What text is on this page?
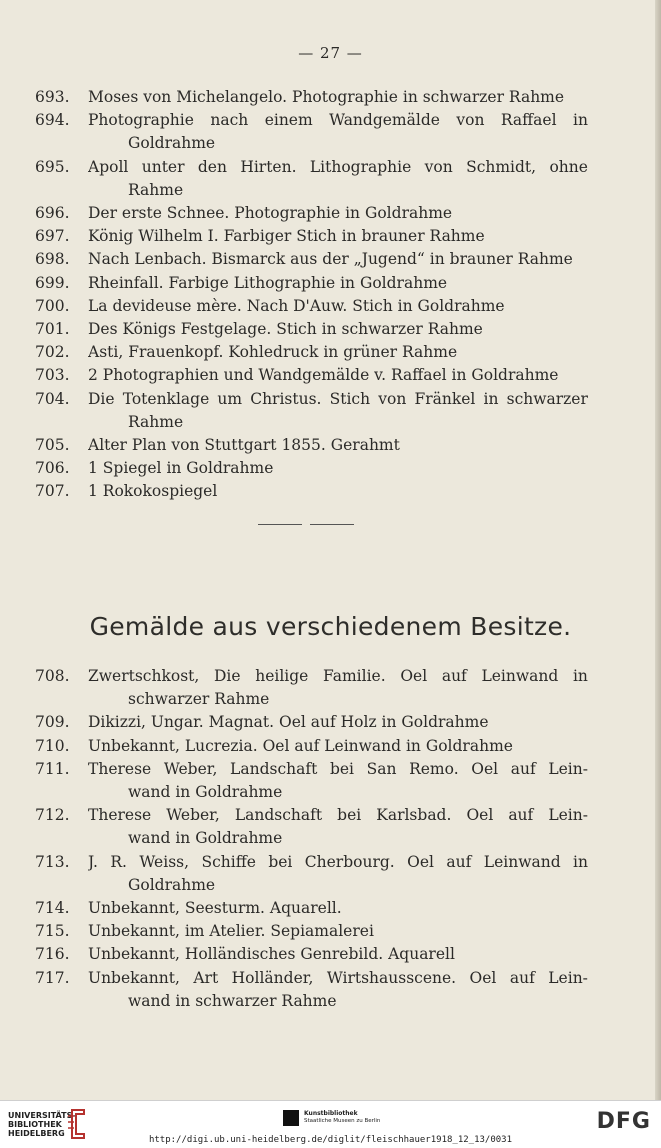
— 27 —
693.	Moses von Michelangelo. Photographie in schwarzer Rahme
694.	Photographie nach einem Wandgemälde von Raffael in
Goldrahme
695.	Apoll unter den Hirten. Lithographie von Schmidt, ohne
Rahme
696.	Der erste Schnee. Photographie in Goldrahme
697.	König Wilhelm I. Farbiger Stich in brauner Rahme
698.	Nach Lenbach. Bismarck aus der „Jugend“ in brauner Rahme
699.	Rheinfall. Farbige Lithographie in Goldrahme
700.	La devideuse mère. Nach D'Auw. Stich in Goldrahme
701.	Des Königs Festgelage. Stich in schwarzer Rahme
702.	Asti, Frauenkopf. Kohledruck in grüner Rahme
703.	2 Photographien und Wandgemälde v. Raffael in Goldrahme
704.	Die Totenklage um Christus. Stich von Fränkel in schwarzer
Rahme
705.	Alter Plan von Stuttgart 1855. Gerahmt
706.	1 Spiegel in Goldrahme
707.	1 Rokokospiegel
Gemälde aus verschiedenem Besitze.
708.	Zwertschkost, Die heilige Familie. Oel auf Leinwand in
schwarzer Rahme
709.	Dikizzi, Ungar. Magnat. Oel auf Holz in Goldrahme
710.	Unbekannt, Lucrezia. Oel auf Leinwand in Goldrahme
711.	Therese Weber, Landschaft bei San Remo. Oel auf Lein-
wand in Goldrahme
712.	Therese Weber, Landschaft bei Karlsbad. Oel auf Lein-
wand in Goldrahme
713.	J. R. Weiss, Schiffe bei Cherbourg. Oel auf Leinwand in
Goldrahme
714.	Unbekannt, Seesturm. Aquarell.
715.	Unbekannt, im Atelier. Sepiamalerei
716.	Unbekannt, Holländisches Genrebild. Aquarell
717.	Unbekannt, Art Holländer, Wirtshausscene. Oel auf Lein-
wand in schwarzer Rahme
UNIVERSITÄTS-
BIBLIOTHEK
HEIDELBERG
Kunstbibliothek
Staatliche Museen zu Berlin
http://digi.ub.uni-heidelberg.de/diglit/fleischhauer1918_12_13/0031
DFG
